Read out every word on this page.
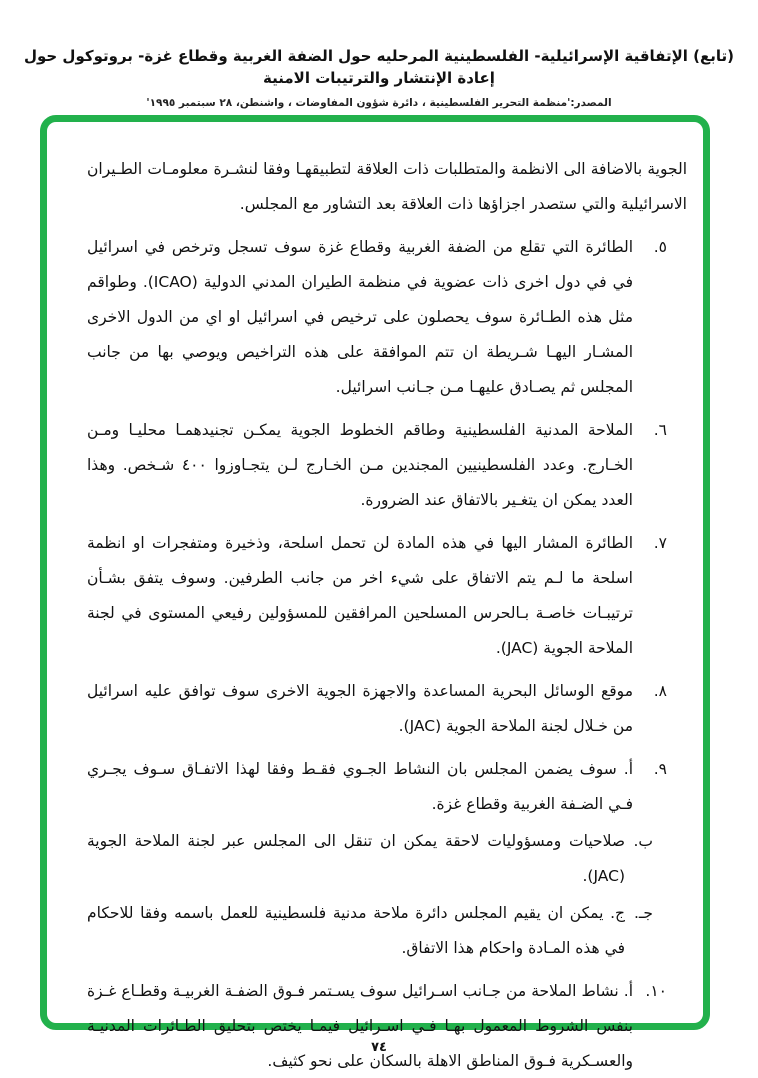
(تابع) الإتفاقية الإسرائيلية- الفلسطينية المرحليه حول الضفة الغربية وقطاع غزة- بروتوكول حول إعادة الإنتشار والترتيبات الامنية
المصدر:'منظمة التحرير الفلسطينية ، دائرة شؤون المفاوضات ، واشنطن، ٢٨ سبتمبر ١٩٩٥'

الجوية بالاضافة الى الانظمة والمتطلبات ذات العلاقة لتطبيقهـا وفقا لنشـرة معلومـات الطـيران الاسرائيلية والتي ستصدر اجزاؤها ذات العلاقة بعد التشاور مع المجلس.

٥.

الطائرة التي تقلع من الضفة الغربية وقطاع غزة سوف تسجل وترخص في اسرائيل في في دول اخرى ذات عضوية في منظمة الطيران المدني الدولية (ICAO). وطواقم مثل هذه الطـائرة سوف يحصلون على ترخيص في اسرائيل او اي من الدول الاخرى المشـار اليهـا شـريطة ان تتم الموافقة على هذه التراخيص ويوصي بها من جانب المجلس ثم يصـادق عليهـا مـن جـانب اسرائيل.

٦.

الملاحة المدنية الفلسطينية وطاقم الخطوط الجوية يمكـن تجنيدهمـا محليـا ومـن الخـارج. وعدد الفلسطينيين المجندين مـن الخـارج لـن يتجـاوزوا ٤٠٠ شـخص. وهذا العدد يمكن ان يتغـير بالاتفاق عند الضرورة.

٧.

الطائرة المشار اليها في هذه المادة لن تحمل اسلحة، وذخيرة ومتفجرات او انظمة اسلحة ما لـم يتم الاتفاق على شيء اخر من جانب الطرفين. وسوف يتفق بشـأن ترتيبـات خاصـة بـالحرس المسلحين المرافقين للمسؤولين رفيعي المستوى في لجنة الملاحة الجوية (JAC).

٨.

موقع الوسائل البحرية المساعدة والاجهزة الجوية الاخرى سوف توافق عليه اسرائيل من خـلال لجنة الملاحة الجوية (JAC).

٩.

أ. سوف يضمن المجلس بان النشاط الجـوي فقـط وفقا لهذا الاتفـاق سـوف يجـري فـي الضـفة الغربية وقطاع غزة.

ب.

صلاحيات ومسؤوليات لاحقة يمكن ان تنقل الى المجلس عبر لجنة الملاحة الجوية (JAC).

جـ.

ج. يمكن ان يقيم المجلس دائرة ملاحة مدنية فلسطينية للعمل باسمه وفقا للاحكام في هذه المـادة واحكام هذا الاتفاق.

١٠.

أ. نشاط الملاحة من جـانب اسـرائيل سوف يسـتمر فـوق الضفـة الغربيـة وقطـاع غـزة بنفس الشروط المعمول بهـا فـي اسـرائيل فيمـا يختص بتحليق الطـائرات المدنيـة والعسـكرية فـوق المناطق الاهلة بالسكان على نحو كثيف.

٧٤
